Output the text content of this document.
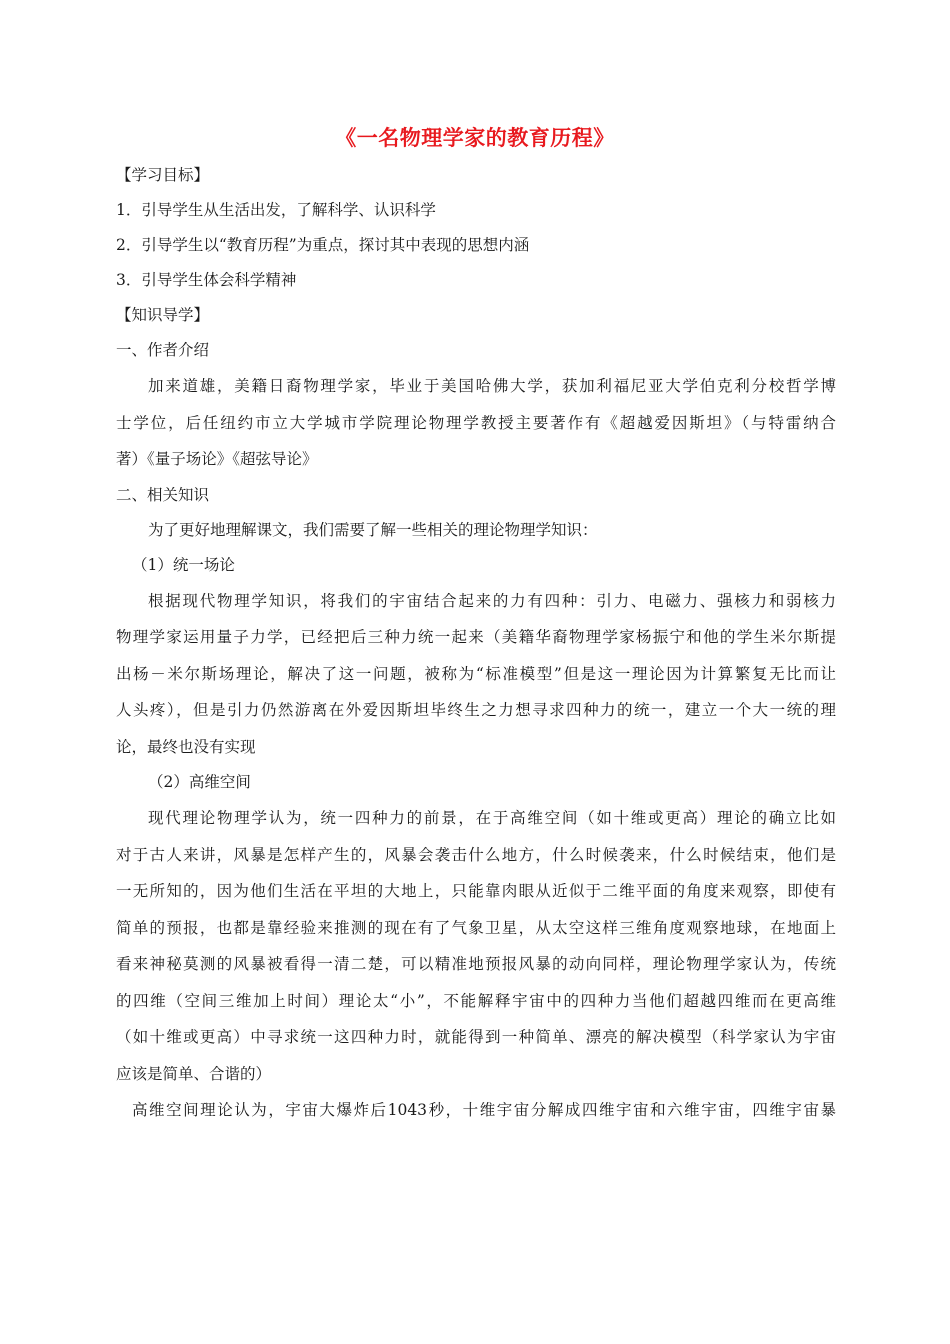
《一名物理学家的教育历程》
【学习目标】
1．引导学生从生活出发，了解科学、认识科学
2．引导学生以“教育历程”为重点，探讨其中表现的思想内涵
3．引导学生体会科学精神
【知识导学】
一、作者介绍
加来道雄，美籍日裔物理学家，毕业于美国哈佛大学，获加利福尼亚大学伯克利分校哲学博
士学位，后任纽约市立大学城市学院理论物理学教授主要著作有《超越爱因斯坦》（与特雷纳合
著）《量子场论》《超弦导论》
二、相关知识
为了更好地理解课文，我们需要了解一些相关的理论物理学知识：
（1）统一场论
根据现代物理学知识，将我们的宇宙结合起来的力有四种：引力、电磁力、强核力和弱核力
物理学家运用量子力学，已经把后三种力统一起来（美籍华裔物理学家杨振宁和他的学生米尔斯提
出杨－米尔斯场理论，解决了这一问题，被称为“标准模型”但是这一理论因为计算繁复无比而让
人头疼），但是引力仍然游离在外爱因斯坦毕终生之力想寻求四种力的统一，建立一个大一统的理
论，最终也没有实现
（2）高维空间
现代理论物理学认为，统一四种力的前景，在于高维空间（如十维或更高）理论的确立比如
对于古人来讲，风暴是怎样产生的，风暴会袭击什么地方，什么时候袭来，什么时候结束，他们是
一无所知的，因为他们生活在平坦的大地上，只能靠肉眼从近似于二维平面的角度来观察，即使有
简单的预报，也都是靠经验来推测的现在有了气象卫星，从太空这样三维角度观察地球，在地面上
看来神秘莫测的风暴被看得一清二楚，可以精准地预报风暴的动向同样，理论物理学家认为，传统
的四维（空间三维加上时间）理论太“小”，不能解释宇宙中的四种力当他们超越四维而在更高维
（如十维或更高）中寻求统一这四种力时，就能得到一种简单、漂亮的解决模型（科学家认为宇宙
应该是简单、合谐的）
高维空间理论认为，宇宙大爆炸后1043秒，十维宇宙分解成四维宇宙和六维宇宙，四维宇宙暴
